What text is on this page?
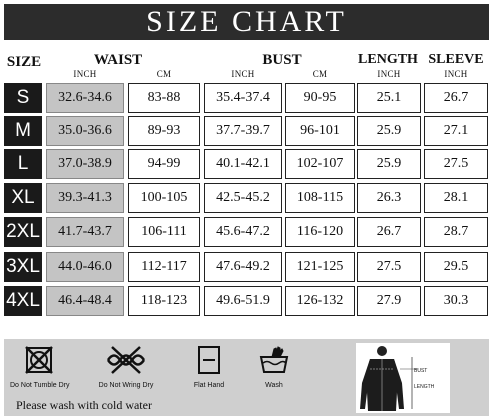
SIZE CHART
SIZE	WAIST	BUST	LENGTH SLEEVE
INCH	CM	INCH	CM	INCH	INCH
S	32.6-34.6	83-88	35.4-37.4	90-95	25.1	26.7
M	35.0-36.6	89-93	37.7-39.7	96-101	25.9	27.1
L	37.0-38.9	94-99	40.1-42.1	102-107	25.9	27.5
XL	39.3-41.3	100-105	42.5-45.2	108-115	26.3	28.1
2XL	41.7-43.7	106-111	45.6-47.2	116-120	26.7	28.7
3XL	44.0-46.0	112-117	47.6-49.2	121-125	27.5	29.5
4XL	46.4-48.4	118-123	49.6-51.9	126-132	27.9	30.3
Do Not Tumble Dry	Do Not Wring Dry	Flat Hand	Wash
BUST
LENGTH
Please wash with cold water
